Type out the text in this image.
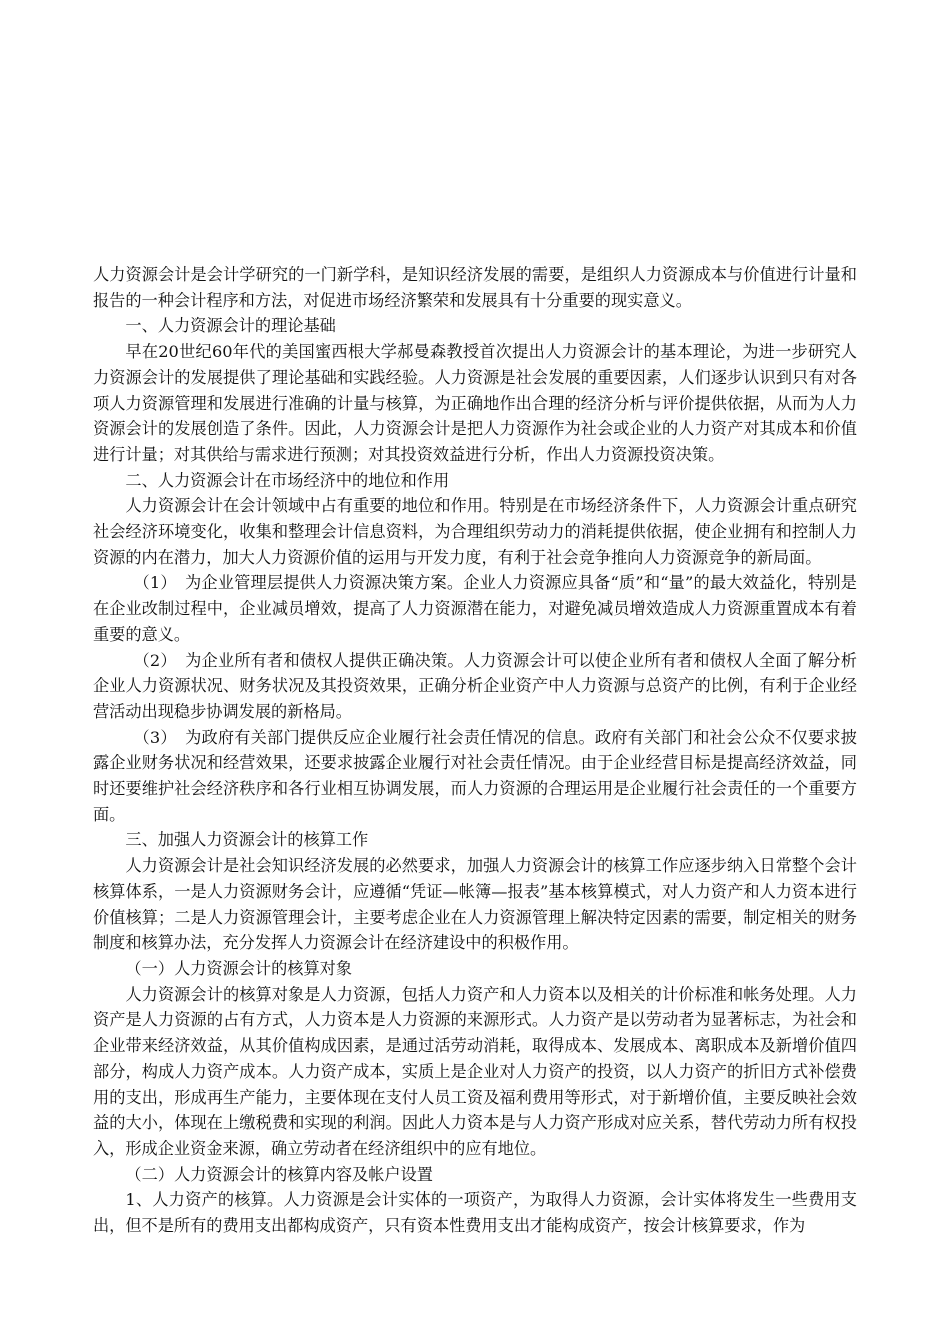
人力资源会计是会计学研究的一门新学科，是知识经济发展的需要，是组织人力资源成本与价值进行计量和报告的一种会计程序和方法，对促进市场经济繁荣和发展具有十分重要的现实意义。

一、人力资源会计的理论基础

早在20世纪60年代的美国蜜西根大学郝曼森教授首次提出人力资源会计的基本理论，为进一步研究人力资源会计的发展提供了理论基础和实践经验。人力资源是社会发展的重要因素，人们逐步认识到只有对各项人力资源管理和发展进行准确的计量与核算，为正确地作出合理的经济分析与评价提供依据，从而为人力资源会计的发展创造了条件。因此，人力资源会计是把人力资源作为社会或企业的人力资产对其成本和价值进行计量；对其供给与需求进行预测；对其投资效益进行分析，作出人力资源投资决策。

二、人力资源会计在市场经济中的地位和作用

人力资源会计在会计领域中占有重要的地位和作用。特别是在市场经济条件下，人力资源会计重点研究社会经济环境变化，收集和整理会计信息资料，为合理组织劳动力的消耗提供依据，使企业拥有和控制人力资源的内在潜力，加大人力资源价值的运用与开发力度，有利于社会竞争推向人力资源竞争的新局面。

（1）　为企业管理层提供人力资源决策方案。企业人力资源应具备“质”和“量”的最大效益化，特别是在企业改制过程中，企业减员增效，提高了人力资源潜在能力，对避免减员增效造成人力资源重置成本有着重要的意义。

（2）　为企业所有者和债权人提供正确决策。人力资源会计可以使企业所有者和债权人全面了解分析企业人力资源状况、财务状况及其投资效果，正确分析企业资产中人力资源与总资产的比例，有利于企业经营活动出现稳步协调发展的新格局。

（3）　为政府有关部门提供反应企业履行社会责任情况的信息。政府有关部门和社会公众不仅要求披露企业财务状况和经营效果，还要求披露企业履行对社会责任情况。由于企业经营目标是提高经济效益，同时还要维护社会经济秩序和各行业相互协调发展，而人力资源的合理运用是企业履行社会责任的一个重要方面。

三、加强人力资源会计的核算工作

人力资源会计是社会知识经济发展的必然要求，加强人力资源会计的核算工作应逐步纳入日常整个会计核算体系，一是人力资源财务会计，应遵循“凭证—帐簿—报表”基本核算模式，对人力资产和人力资本进行价值核算；二是人力资源管理会计，主要考虑企业在人力资源管理上解决特定因素的需要，制定相关的财务制度和核算办法，充分发挥人力资源会计在经济建设中的积极作用。

（一）人力资源会计的核算对象

人力资源会计的核算对象是人力资源，包括人力资产和人力资本以及相关的计价标准和帐务处理。人力资产是人力资源的占有方式，人力资本是人力资源的来源形式。人力资产是以劳动者为显著标志，为社会和企业带来经济效益，从其价值构成因素，是通过活劳动消耗，取得成本、发展成本、离职成本及新增价值四部分，构成人力资产成本。人力资产成本，实质上是企业对人力资产的投资，以人力资产的折旧方式补偿费用的支出，形成再生产能力，主要体现在支付人员工资及福利费用等形式，对于新增价值，主要反映社会效益的大小，体现在上缴税费和实现的利润。因此人力资本是与人力资产形成对应关系，替代劳动力所有权投入，形成企业资金来源，确立劳动者在经济组织中的应有地位。

（二）人力资源会计的核算内容及帐户设置

1、人力资产的核算。人力资源是会计实体的一项资产，为取得人力资源，会计实体将发生一些费用支出，但不是所有的费用支出都构成资产，只有资本性费用支出才能构成资产，按会计核算要求，作为
